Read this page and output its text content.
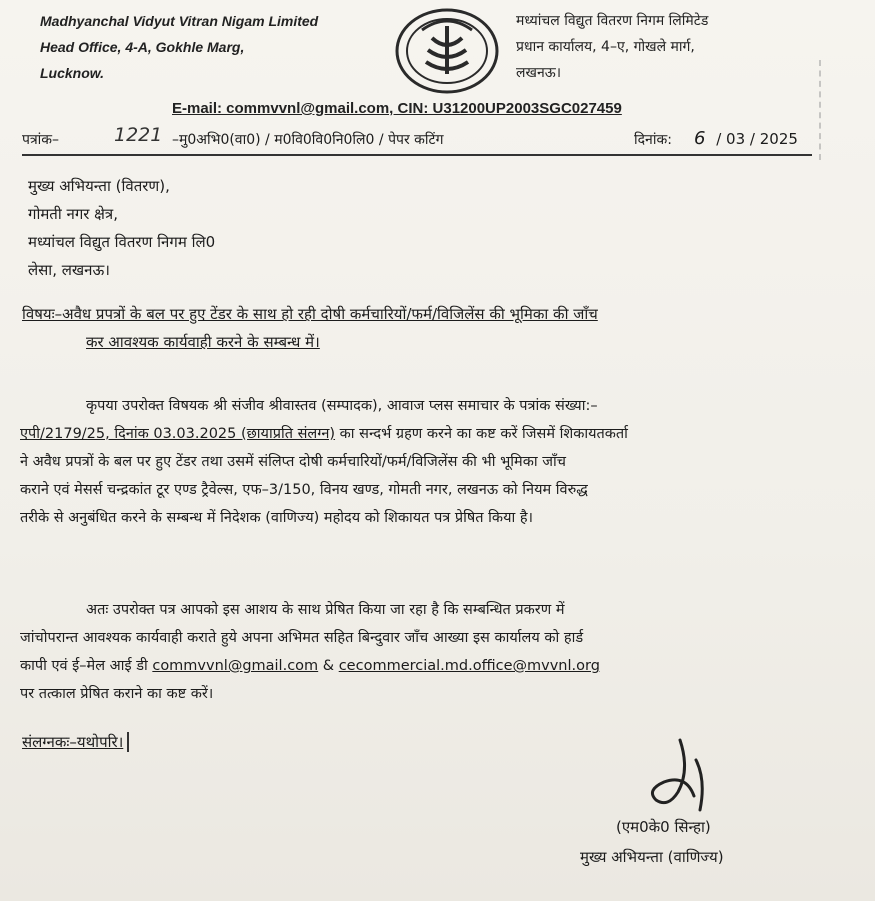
Madhyanchal Vidyut Vitran Nigam Limited
Head Office, 4-A, Gokhle Marg,
Lucknow.
मध्यांचल विद्युत वितरण निगम लिमिटेड
प्रधान कार्यालय, 4–ए, गोखले मार्ग,
लखनऊ।
E-mail: commvvnl@gmail.com, CIN: U31200UP2003SGC027459
पत्रांक–	1221 –मु0अभि0(वा0) / म0वि0वि0नि0लि0 / पेपर कटिंग	दिनांक: 6 / 03 / 2025
मुख्य अभियन्ता (वितरण),
गोमती नगर क्षेत्र,
मध्यांचल विद्युत वितरण निगम लि0
लेसा, लखनऊ।
विषयः–अवैध प्रपत्रों के बल पर हुए टेंडर के साथ हो रही दोषी कर्मचारियों/फर्म/विजिलेंस की भूमिका की जाँच
कर आवश्यक कार्यवाही करने के सम्बन्ध में।
कृपया उपरोक्त विषयक श्री संजीव श्रीवास्तव (सम्पादक), आवाज प्लस समाचार के पत्रांक संख्या:–
एपी/2179/25, दिनांक 03.03.2025 (छायाप्रति संलग्न) का सन्दर्भ ग्रहण करने का कष्ट करें जिसमें शिकायतकर्ता
ने अवैध प्रपत्रों के बल पर हुए टेंडर तथा उसमें संलिप्त दोषी कर्मचारियों/फर्म/विजिलेंस की भी भूमिका जाँच
कराने एवं मेसर्स चन्द्रकांत टूर एण्ड ट्रैवेल्स, एफ–3/150, विनय खण्ड, गोमती नगर, लखनऊ को नियम विरुद्ध
तरीके से अनुबंधित करने के सम्बन्ध में निदेशक (वाणिज्य) महोदय को शिकायत पत्र प्रेषित किया है।
अतः उपरोक्त पत्र आपको इस आशय के साथ प्रेषित किया जा रहा है कि सम्बन्धित प्रकरण में
जांचोपरान्त आवश्यक कार्यवाही कराते हुये अपना अभिमत सहित बिन्दुवार जाँच आख्या इस कार्यालय को हार्ड
कापी एवं ई–मेल आई डी commvvnl@gmail.com & cecommercial.md.office@mvvnl.org
पर तत्काल प्रेषित कराने का कष्ट करें।
संलग्नकः–यथोपरि।
(एम0के0 सिन्हा)
मुख्य अभियन्ता (वाणिज्य)
